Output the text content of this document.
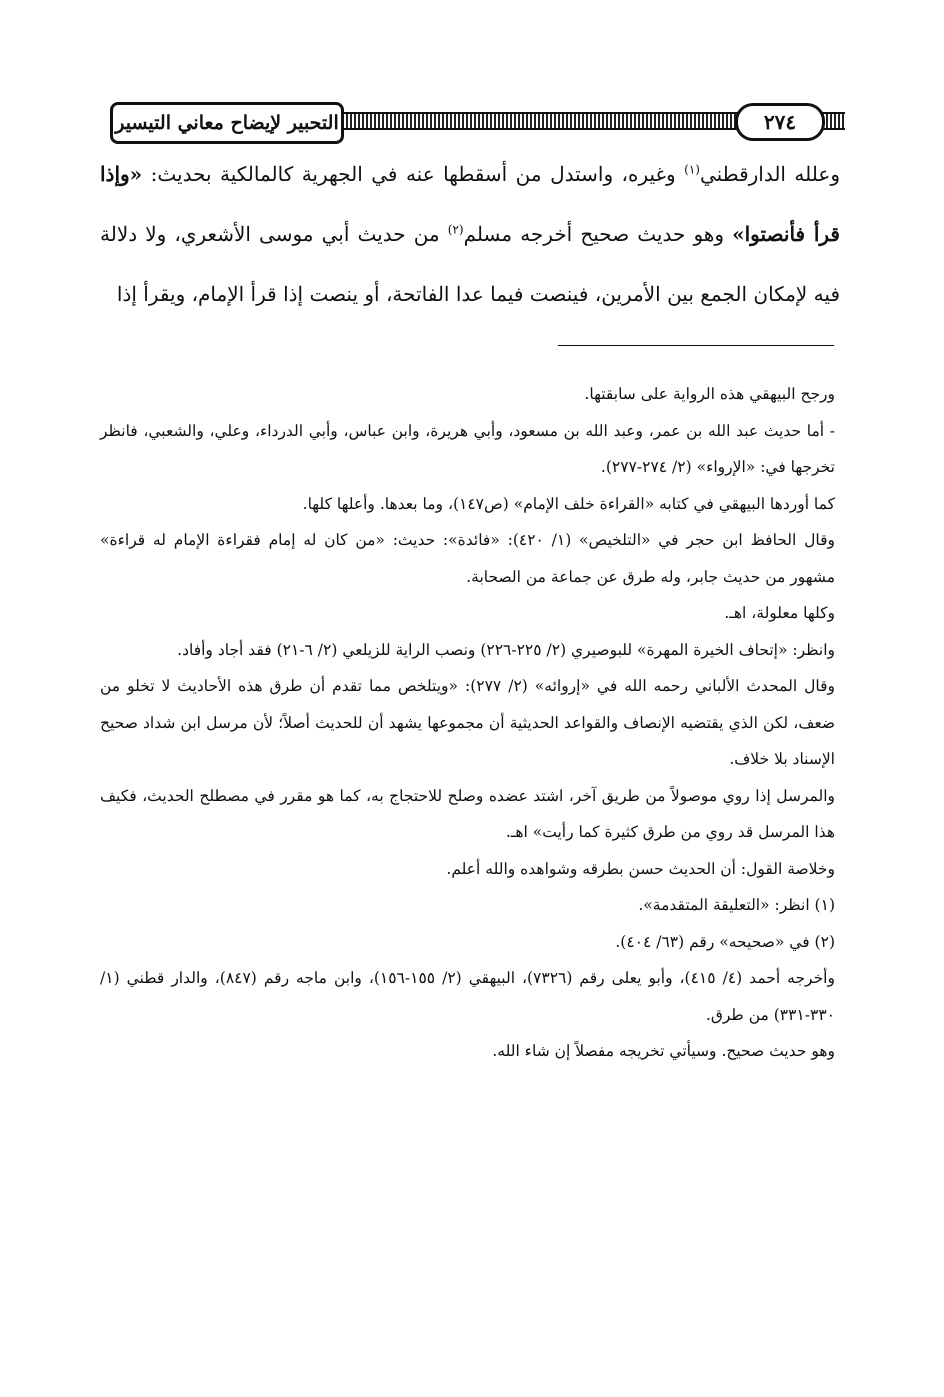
التحبير لإيضاح معاني التيسير	٢٧٤

وعلله الدارقطني$^{(١)}$ وغيره، واستدل من أسقطها عنه في الجهرية كالمالكية بحديث: «وإذا قرأ فأنصتوا» وهو حديث صحيح أخرجه مسلم$^{(٢)}$ من حديث أبي موسى الأشعري، ولا دلالة فيه لإمكان الجمع بين الأمرين، فينصت فيما عدا الفاتحة، أو ينصت إذا قرأ الإمام، ويقرأ إذا

ورجح البيهقي هذه الرواية على سابقتها.

- أما حديث عبد الله بن عمر، وعبد الله بن مسعود، وأبي هريرة، وابن عباس، وأبي الدرداء، وعلي، والشعبي، فانظر تخرجها في: «الإرواء» (٢/ ٢٧٤-٢٧٧).

كما أوردها البيهقي في كتابه «القراءة خلف الإمام» (ص١٤٧)، وما بعدها. وأعلها كلها.

وقال الحافظ ابن حجر في «التلخيص» (١/ ٤٢٠): «فائدة»: حديث: «من كان له إمام فقراءة الإمام له قراءة» مشهور من حديث جابر، وله طرق عن جماعة من الصحابة.

وكلها معلولة، اهـ.

وانظر: «إتحاف الخيرة المهرة» للبوصيري (٢/ ٢٢٥-٢٢٦) ونصب الراية للزيلعي (٢/ ٦-٢١) فقد أجاد وأفاد.

وقال المحدث الألباني رحمه الله في «إروائه» (٢/ ٢٧٧): «ويتلخص مما تقدم أن طرق هذه الأحاديث لا تخلو من ضعف، لكن الذي يقتضيه الإنصاف والقواعد الحديثية أن مجموعها يشهد أن للحديث أصلاً؛ لأن مرسل ابن شداد صحيح الإسناد بلا خلاف.

والمرسل إذا روي موصولاً من طريق آخر، اشتد عضده وصلح للاحتجاج به، كما هو مقرر في مصطلح الحديث، فكيف هذا المرسل قد روي من طرق كثيرة كما رأيت» اهـ.

وخلاصة القول: أن الحديث حسن بطرقه وشواهده والله أعلم.

(١) انظر: «التعليقة المتقدمة».

(٢) في «صحيحه» رقم (٦٣/ ٤٠٤).

وأخرجه أحمد (٤/ ٤١٥)، وأبو يعلى رقم (٧٣٢٦)، البيهقي (٢/ ١٥٥-١٥٦)، وابن ماجه رقم (٨٤٧)، والدار قطني (١/ ٣٣٠-٣٣١) من طرق.

وهو حديث صحيح. وسيأتي تخريجه مفصلاً إن شاء الله.
